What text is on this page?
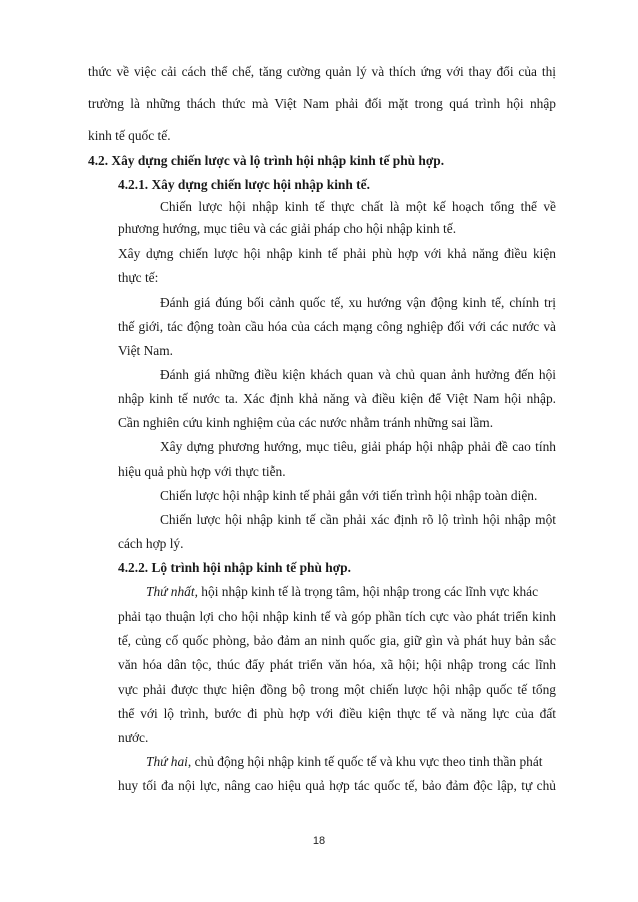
thức về việc cải cách thể chế, tăng cường quản lý và thích ứng với thay đổi của thị
trường là những thách thức mà Việt Nam phải đối mặt trong quá trình hội nhập
kinh tế quốc tế.
4.2. Xây dựng chiến lược và lộ trình hội nhập kinh tế phù hợp.
4.2.1. Xây dựng chiến lược hội nhập kinh tế.
Chiến lược hội nhập kinh tế thực chất là một kế hoạch tổng thể về
phương hướng, mục tiêu và các giải pháp cho hội nhập kinh tế.
Xây dựng chiến lược hội nhập kinh tế phải phù hợp với khả năng điều kiện
thực tế:
Đánh giá đúng bối cảnh quốc tế, xu hướng vận động kinh tế, chính trị
thế giới, tác động toàn cầu hóa của cách mạng công nghiệp đối với các nước và
Việt Nam.
Đánh giá những điều kiện khách quan và chủ quan ảnh hưởng đến hội
nhập kinh tế nước ta. Xác định khả năng và điều kiện để Việt Nam hội nhập.
Cần nghiên cứu kinh nghiệm của các nước nhằm tránh những sai lầm.
Xây dựng phương hướng, mục tiêu, giải pháp hội nhập phải đề cao tính
hiệu quả phù hợp với thực tiễn.
Chiến lược hội nhập kinh tế phải gắn với tiến trình hội nhập toàn diện.
Chiến lược hội nhập kinh tế cần phải xác định rõ lộ trình hội nhập một
cách hợp lý.
4.2.2. Lộ trình hội nhập kinh tế phù hợp.
Thứ nhất, hội nhập kinh tế là trọng tâm, hội nhập trong các lĩnh vực khác
phải tạo thuận lợi cho hội nhập kinh tế và góp phần tích cực vào phát triển kinh
tế, củng cố quốc phòng, bảo đảm an ninh quốc gia, giữ gìn và phát huy bản sắc
văn hóa dân tộc, thúc đẩy phát triển văn hóa, xã hội; hội nhập trong các lĩnh
vực phải được thực hiện đồng bộ trong một chiến lược hội nhập quốc tế tổng
thể với lộ trình, bước đi phù hợp với điều kiện thực tế và năng lực của đất
nước.
Thứ hai, chủ động hội nhập kinh tế quốc tế và khu vực theo tinh thần phát
huy tối đa nội lực, nâng cao hiệu quả hợp tác quốc tế, bảo đảm độc lập, tự chủ
18
